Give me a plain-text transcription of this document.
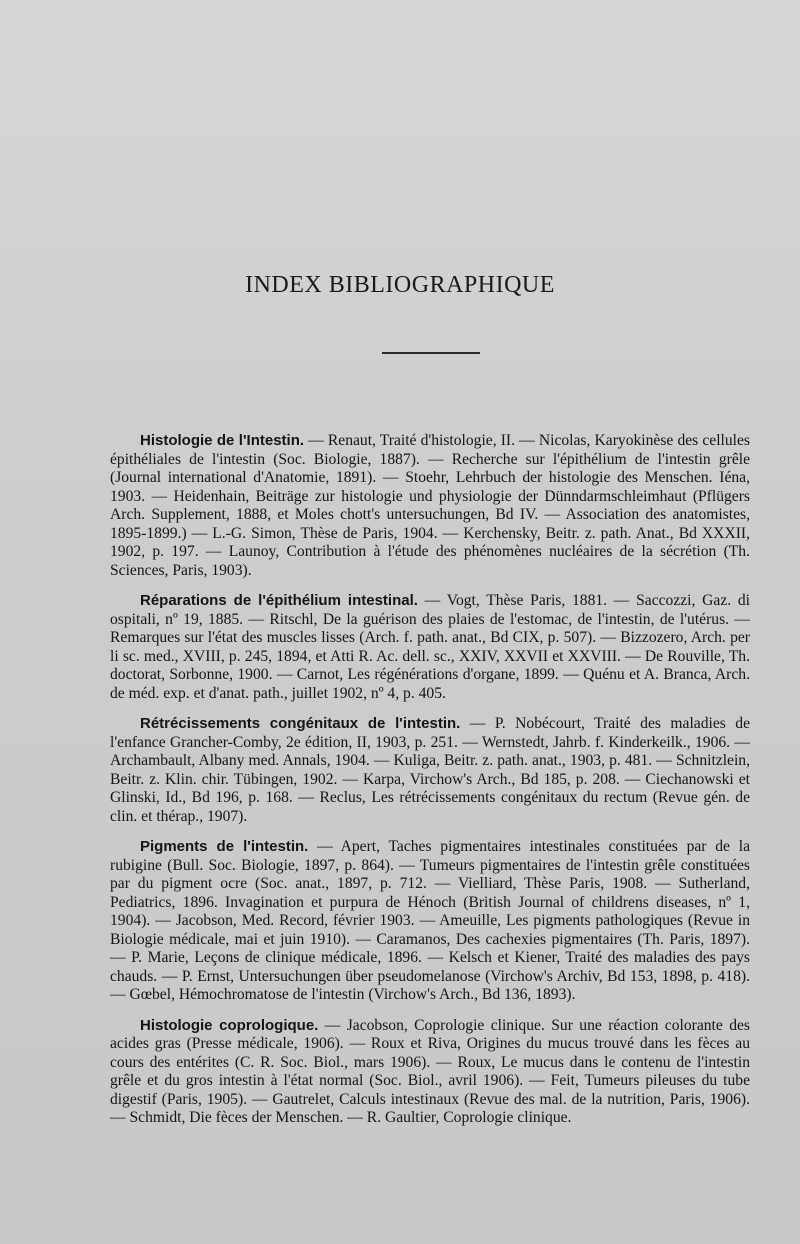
INDEX BIBLIOGRAPHIQUE

Histologie de l'Intestin. — Renaut, Traité d'histologie, II. — Nicolas, Karyokinèse des cellules épithéliales de l'intestin (Soc. Biologie, 1887). — Recherche sur l'épithélium de l'intestin grêle (Journal international d'Anatomie, 1891). — Stoehr, Lehrbuch der histologie des Menschen. Iéna, 1903. — Heidenhain, Beiträge zur histologie und physiologie der Dünndarmschleimhaut (Pflügers Arch. Supplement, 1888, et Moles chott's untersuchungen, Bd IV. — Association des anatomistes, 1895-1899.) — L.-G. Simon, Thèse de Paris, 1904. — Kerchensky, Beitr. z. path. Anat., Bd XXXII, 1902, p. 197. — Launoy, Contribution à l'étude des phénomènes nucléaires de la sécrétion (Th. Sciences, Paris, 1903).

Réparations de l'épithélium intestinal. — Vogt, Thèse Paris, 1881. — Saccozzi, Gaz. di ospitali, nº 19, 1885. — Ritschl, De la guérison des plaies de l'estomac, de l'intestin, de l'utérus. — Remarques sur l'état des muscles lisses (Arch. f. path. anat., Bd CIX, p. 507). — Bizzozero, Arch. per li sc. med., XVIII, p. 245, 1894, et Atti R. Ac. dell. sc., XXIV, XXVII et XXVIII. — De Rouville, Th. doctorat, Sorbonne, 1900. — Carnot, Les régénérations d'organe, 1899. — Quénu et A. Branca, Arch. de méd. exp. et d'anat. path., juillet 1902, nº 4, p. 405.

Rétrécissements congénitaux de l'intestin. — P. Nobécourt, Traité des maladies de l'enfance Grancher-Comby, 2e édition, II, 1903, p. 251. — Wernstedt, Jahrb. f. Kinderkeilk., 1906. — Archambault, Albany med. Annals, 1904. — Kuliga, Beitr. z. path. anat., 1903, p. 481. — Schnitzlein, Beitr. z. Klin. chir. Tübingen, 1902. — Karpa, Virchow's Arch., Bd 185, p. 208. — Ciechanowski et Glinski, Id., Bd 196, p. 168. — Reclus, Les rétrécissements congénitaux du rectum (Revue gén. de clin. et thérap., 1907).

Pigments de l'intestin. — Apert, Taches pigmentaires intestinales constituées par de la rubigine (Bull. Soc. Biologie, 1897, p. 864). — Tumeurs pigmentaires de l'intestin grêle constituées par du pigment ocre (Soc. anat., 1897, p. 712. — Vielliard, Thèse Paris, 1908. — Sutherland, Pediatrics, 1896. Invagination et purpura de Hénoch (British Journal of childrens diseases, nº 1, 1904). — Jacobson, Med. Record, février 1903. — Ameuille, Les pigments pathologiques (Revue in Biologie médicale, mai et juin 1910). — Caramanos, Des cachexies pigmentaires (Th. Paris, 1897). — P. Marie, Leçons de clinique médicale, 1896. — Kelsch et Kiener, Traité des maladies des pays chauds. — P. Ernst, Untersuchungen über pseudomelanose (Virchow's Archiv, Bd 153, 1898, p. 418). — Gœbel, Hémochromatose de l'intestin (Virchow's Arch., Bd 136, 1893).

Histologie coprologique. — Jacobson, Coprologie clinique. Sur une réaction colorante des acides gras (Presse médicale, 1906). — Roux et Riva, Origines du mucus trouvé dans les fèces au cours des entérites (C. R. Soc. Biol., mars 1906). — Roux, Le mucus dans le contenu de l'intestin grêle et du gros intestin à l'état normal (Soc. Biol., avril 1906). — Feit, Tumeurs pileuses du tube digestif (Paris, 1905). — Gautrelet, Calculs intestinaux (Revue des mal. de la nutrition, Paris, 1906). — Schmidt, Die fèces der Menschen. — R. Gaultier, Coprologie clinique.
